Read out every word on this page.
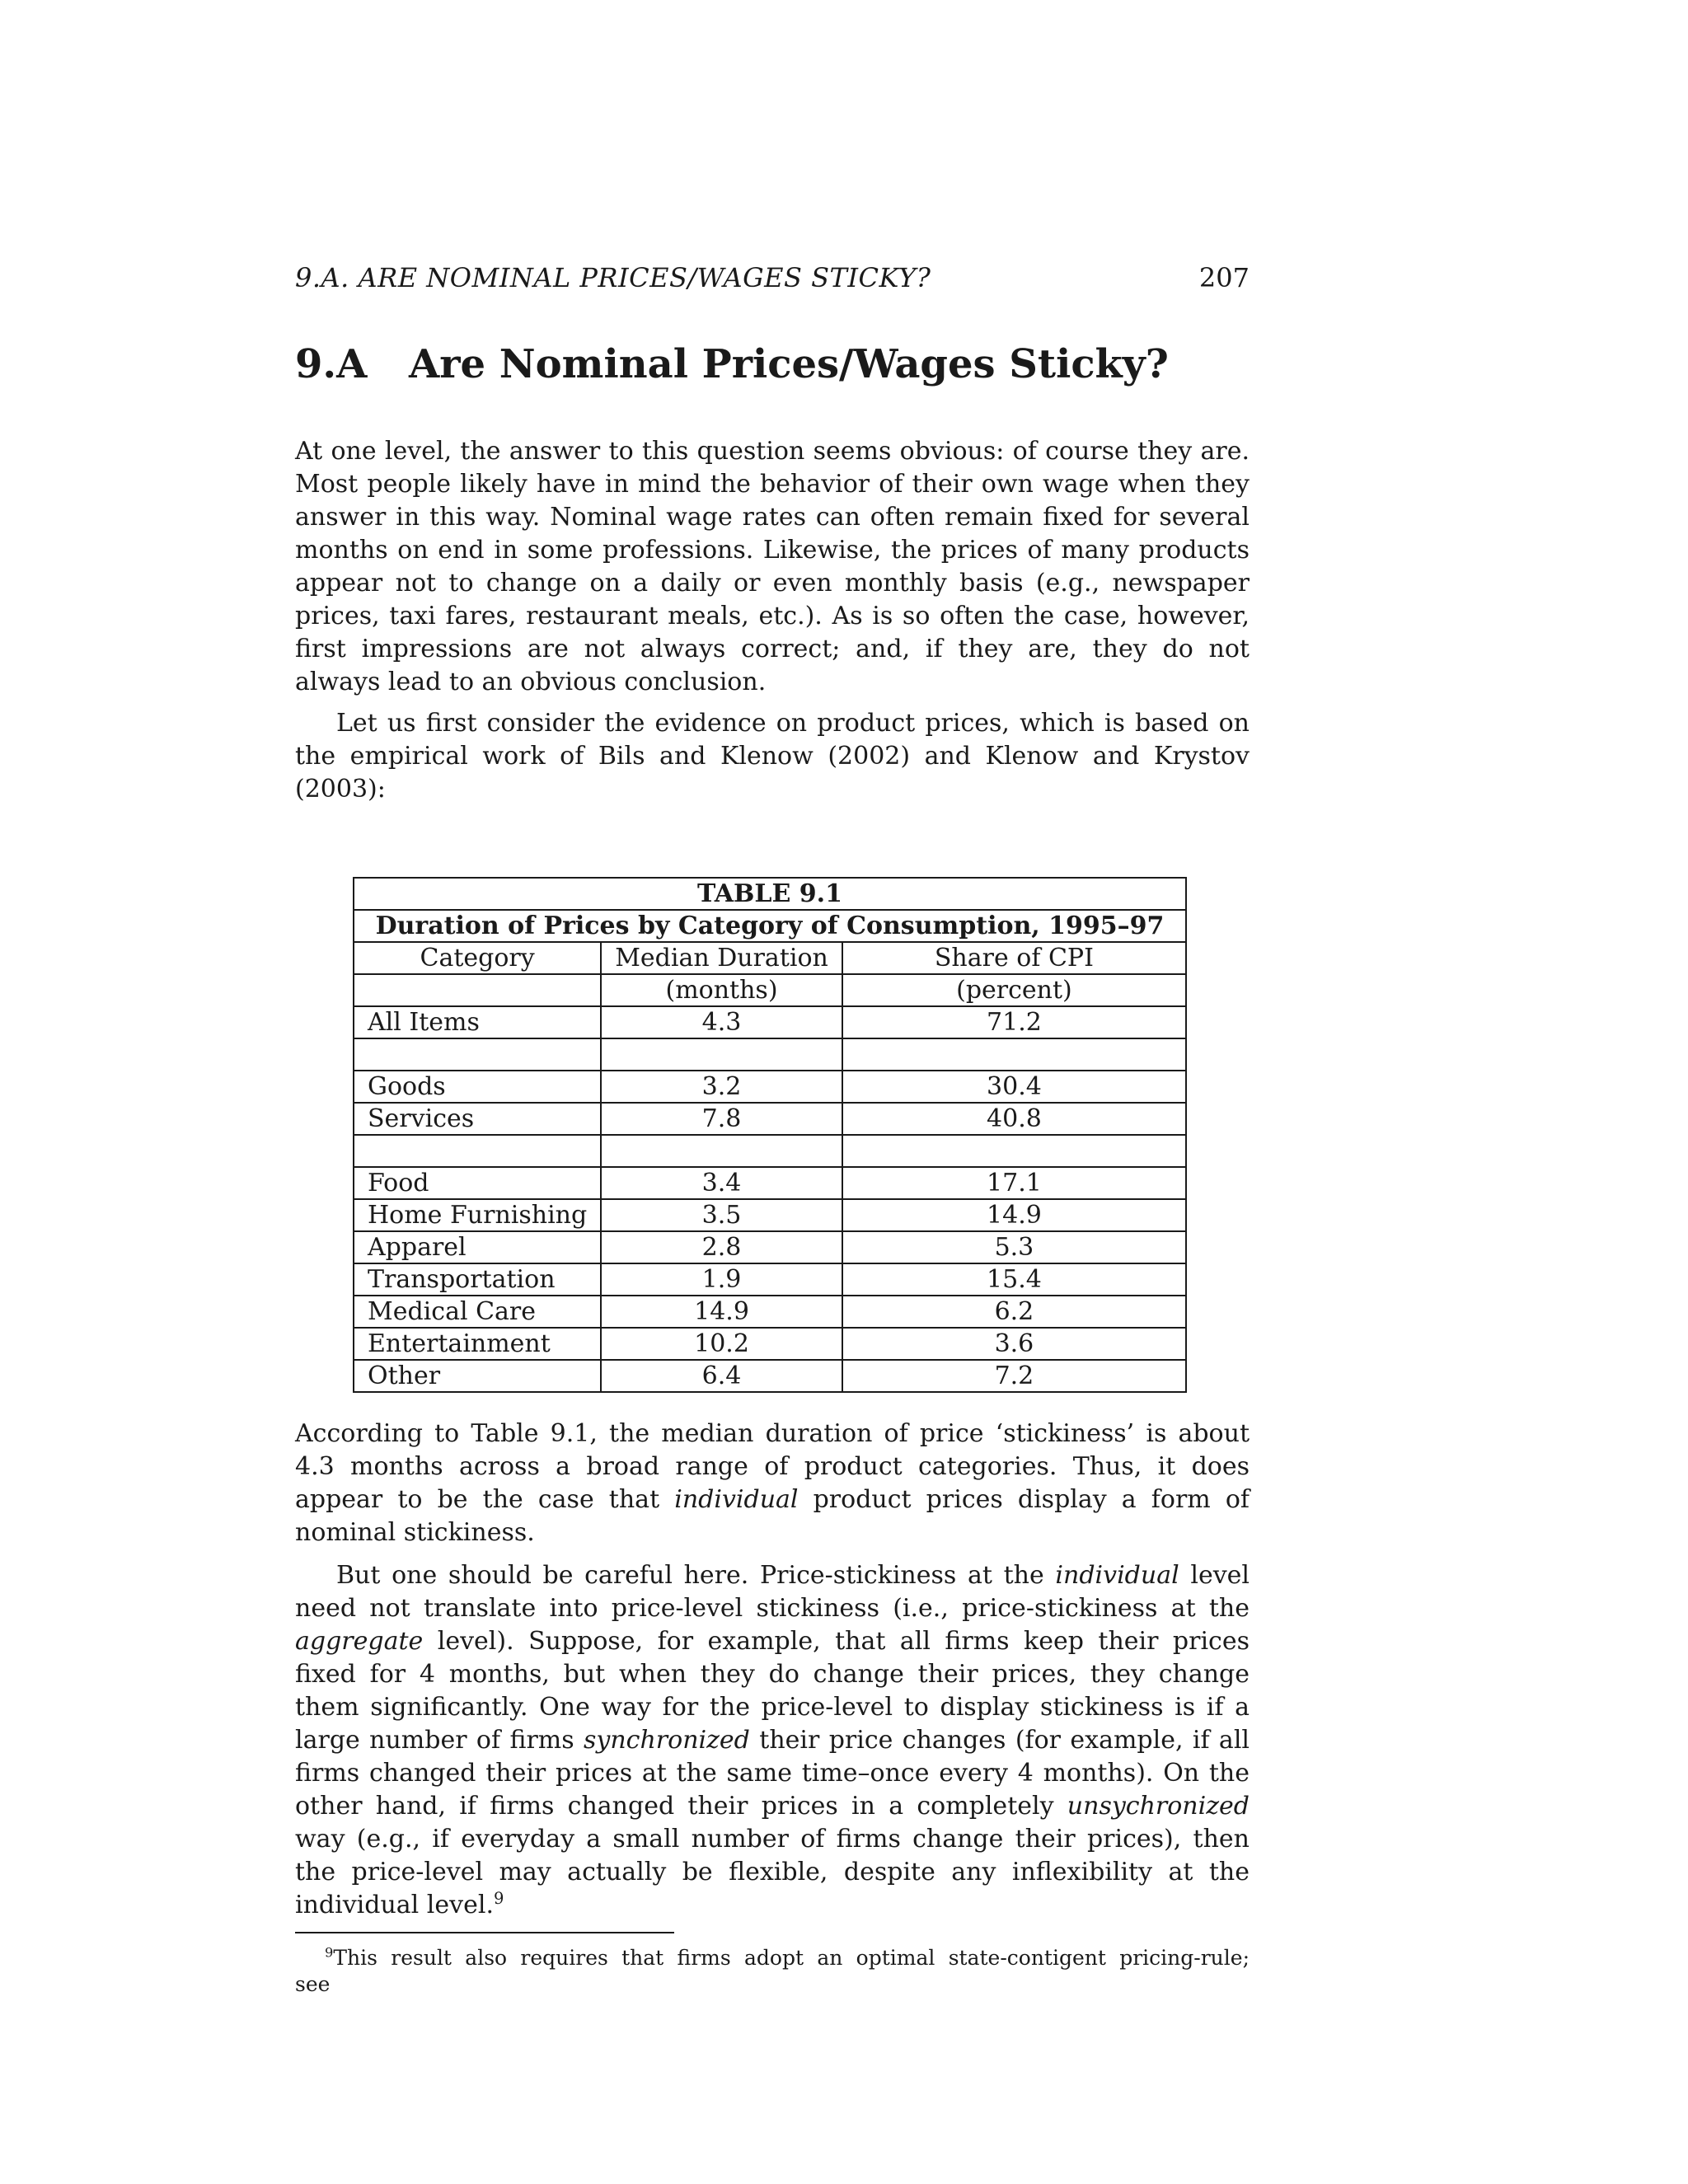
9.A. ARE NOMINAL PRICES/WAGES STICKY?	207
9.A	Are Nominal Prices/Wages Sticky?

At one level, the answer to this question seems obvious: of course they are. Most people likely have in mind the behavior of their own wage when they answer in this way. Nominal wage rates can often remain fixed for several months on end in some professions. Likewise, the prices of many products appear not to change on a daily or even monthly basis (e.g., newspaper prices, taxi fares, restaurant meals, etc.). As is so often the case, however, first impressions are not always correct; and, if they are, they do not always lead to an obvious conclusion.

Let us first consider the evidence on product prices, which is based on the empirical work of Bils and Klenow (2002) and Klenow and Krystov (2003):

TABLE 9.1		
Duration of Prices by Category of Consumption, 1995–97		
Category	Median Duration	Share of CPI
	(months)	(percent)
All Items	4.3	71.2

Goods	3.2	30.4
Services	7.8	40.8

Food	3.4	17.1
Home Furnishing	3.5	14.9
Apparel	2.8	5.3
Transportation	1.9	15.4
Medical Care	14.9	6.2
Entertainment	10.2	3.6
Other	6.4	7.2

According to Table 9.1, the median duration of price ‘stickiness’ is about 4.3 months across a broad range of product categories. Thus, it does appear to be the case that individual product prices display a form of nominal stickiness.

But one should be careful here. Price-stickiness at the individual level need not translate into price-level stickiness (i.e., price-stickiness at the aggregate level). Suppose, for example, that all firms keep their prices fixed for 4 months, but when they do change their prices, they change them significantly. One way for the price-level to display stickiness is if a large number of firms synchronized their price changes (for example, if all firms changed their prices at the same time–once every 4 months). On the other hand, if firms changed their prices in a completely unsychronized way (e.g., if everyday a small number of firms change their prices), then the price-level may actually be flexible, despite any inflexibility at the individual level.$^9$

$^9$This result also requires that firms adopt an optimal state-contigent pricing-rule; see
